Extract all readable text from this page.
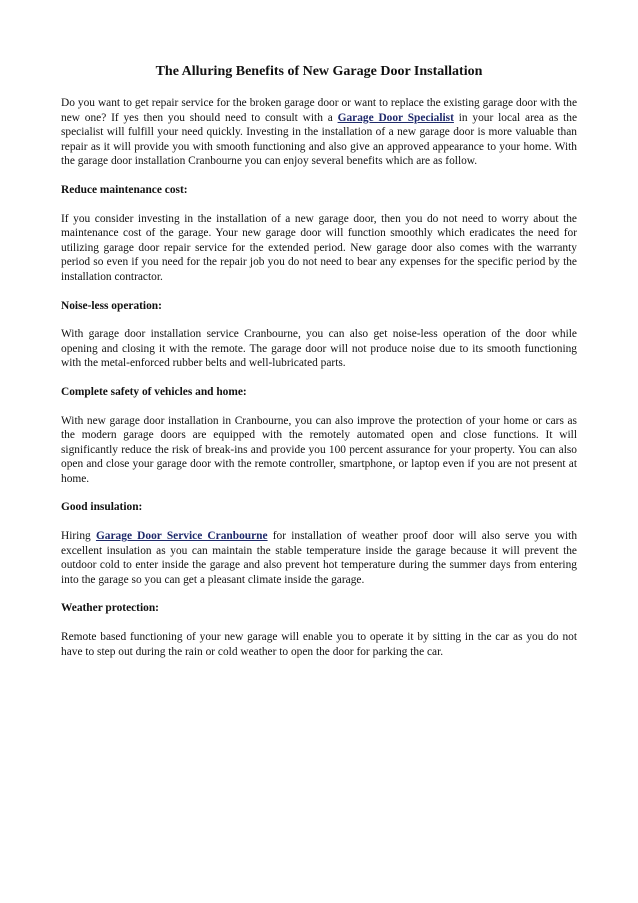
The Alluring Benefits of New Garage Door Installation

Do you want to get repair service for the broken garage door or want to replace the existing garage door with the new one? If yes then you should need to consult with a Garage Door Specialist in your local area as the specialist will fulfill your need quickly. Investing in the installation of a new garage door is more valuable than repair as it will provide you with smooth functioning and also give an approved appearance to your home. With the garage door installation Cranbourne you can enjoy several benefits which are as follow.

Reduce maintenance cost:

If you consider investing in the installation of a new garage door, then you do not need to worry about the maintenance cost of the garage. Your new garage door will function smoothly which eradicates the need for utilizing garage door repair service for the extended period. New garage door also comes with the warranty period so even if you need for the repair job you do not need to bear any expenses for the specific period by the installation contractor.

Noise-less operation:

With garage door installation service Cranbourne, you can also get noise-less operation of the door while opening and closing it with the remote. The garage door will not produce noise due to its smooth functioning with the metal-enforced rubber belts and well-lubricated parts.

Complete safety of vehicles and home:

With new garage door installation in Cranbourne, you can also improve the protection of your home or cars as the modern garage doors are equipped with the remotely automated open and close functions. It will significantly reduce the risk of break-ins and provide you 100 percent assurance for your property. You can also open and close your garage door with the remote controller, smartphone, or laptop even if you are not present at home.

Good insulation:

Hiring Garage Door Service Cranbourne for installation of weather proof door will also serve you with excellent insulation as you can maintain the stable temperature inside the garage because it will prevent the outdoor cold to enter inside the garage and also prevent hot temperature during the summer days from entering into the garage so you can get a pleasant climate inside the garage.

Weather protection:

Remote based functioning of your new garage will enable you to operate it by sitting in the car as you do not have to step out during the rain or cold weather to open the door for parking the car.
